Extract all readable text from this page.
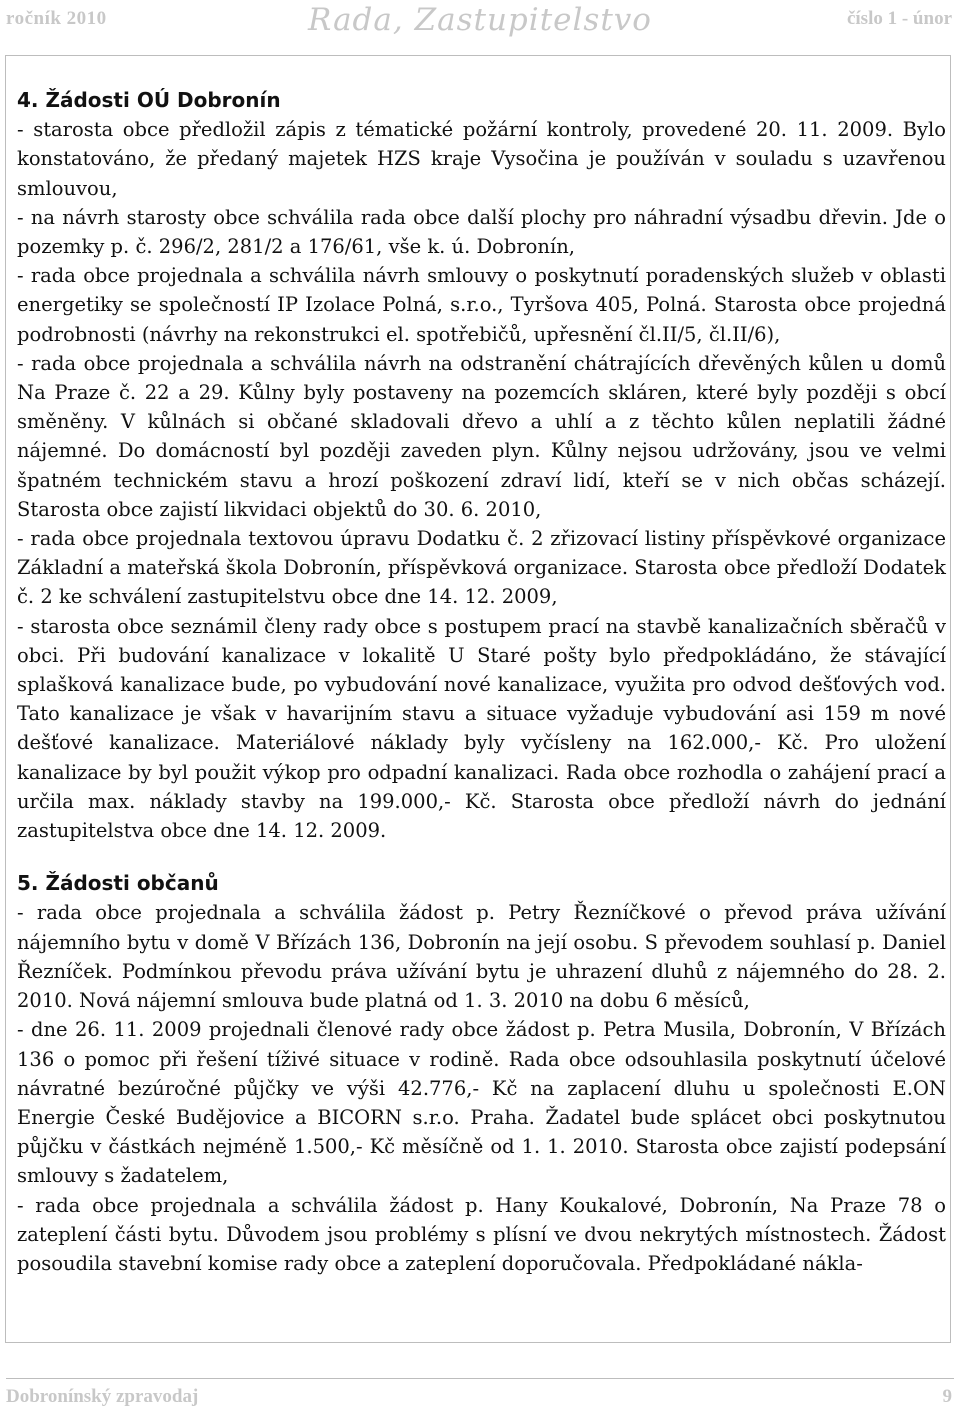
ročník 2010	Rada, Zastupitelstvo	číslo 1 - únor
4. Žádosti OÚ Dobronín

- starosta obce předložil zápis z tématické požární kontroly, provedené 20. 11. 2009. Bylo konstatováno, že předaný majetek HZS kraje Vysočina je používán v souladu s uzavřenou smlouvou,

- na návrh starosty obce schválila rada obce další plochy pro náhradní výsadbu dřevin. Jde o pozemky p. č. 296/2, 281/2 a 176/61, vše k. ú. Dobronín,

- rada obce projednala a schválila návrh smlouvy o poskytnutí poradenských služeb v oblasti energetiky se společností IP Izolace Polná, s.r.o., Tyršova 405, Polná. Starosta obce projedná podrobnosti (návrhy na rekonstrukci el. spotřebičů, upřesnění čl.II/5, čl.II/6),

- rada obce projednala a schválila návrh na odstranění chátrajících dřevěných kůlen u domů Na Praze č. 22 a 29. Kůlny byly postaveny na pozemcích skláren, které byly později s obcí směněny. V kůlnách si občané skladovali dřevo a uhlí a z těchto kůlen neplatili žádné nájemné. Do domácností byl později zaveden plyn. Kůlny nejsou udržovány, jsou ve velmi špatném technickém stavu a hrozí poškození zdraví lidí, kteří se v nich občas scházejí. Starosta obce zajistí likvidaci objektů do 30. 6. 2010,

- rada obce projednala textovou úpravu Dodatku č. 2 zřizovací listiny příspěvkové organizace Základní a mateřská škola Dobronín, příspěvková organizace. Starosta obce předloží Dodatek č. 2 ke schválení zastupitelstvu obce dne 14. 12. 2009,

- starosta obce seznámil členy rady obce s postupem prací na stavbě kanalizačních sběračů v obci. Při budování kanalizace v lokalitě U Staré pošty bylo předpokládáno, že stávající splašková kanalizace bude, po vybudování nové kanalizace, využita pro odvod dešťových vod. Tato kanalizace je však v havarijním stavu a situace vyžaduje vybudování asi 159 m nové dešťové kanalizace. Materiálové náklady byly vyčísleny na 162.000,- Kč. Pro uložení kanalizace by byl použit výkop pro odpadní kanalizaci. Rada obce rozhodla o zahájení prací a určila max. náklady stavby na 199.000,- Kč. Starosta obce předloží návrh do jednání zastupitelstva obce dne 14. 12. 2009.

5. Žádosti občanů

- rada obce projednala a schválila žádost p. Petry Řezníčkové o převod práva užívání nájemního bytu v domě V Břízách 136, Dobronín na její osobu. S převodem souhlasí p. Daniel Řezníček. Podmínkou převodu práva užívání bytu je uhrazení dluhů z nájemného do 28. 2. 2010. Nová nájemní smlouva bude platná od 1. 3. 2010 na dobu 6 měsíců,

- dne 26. 11. 2009 projednali členové rady obce žádost p. Petra Musila, Dobronín, V Břízách 136 o pomoc při řešení tíživé situace v rodině. Rada obce odsouhlasila poskytnutí účelové návratné bezúročné půjčky ve výši 42.776,- Kč na zaplacení dluhu u společnosti E.ON Energie České Budějovice a BICORN s.r.o. Praha. Žadatel bude splácet obci poskytnutou půjčku v částkách nejméně 1.500,- Kč měsíčně od 1. 1. 2010. Starosta obce zajistí podepsání smlouvy s žadatelem,

- rada obce projednala a schválila žádost p. Hany Koukalové, Dobronín, Na Praze 78 o zateplení části bytu. Důvodem jsou problémy s plísní ve dvou nekrytých místnostech. Žádost posoudila stavební komise rady obce a zateplení doporučovala. Předpokládané nákla-

Dobronínský zpravodaj	9
